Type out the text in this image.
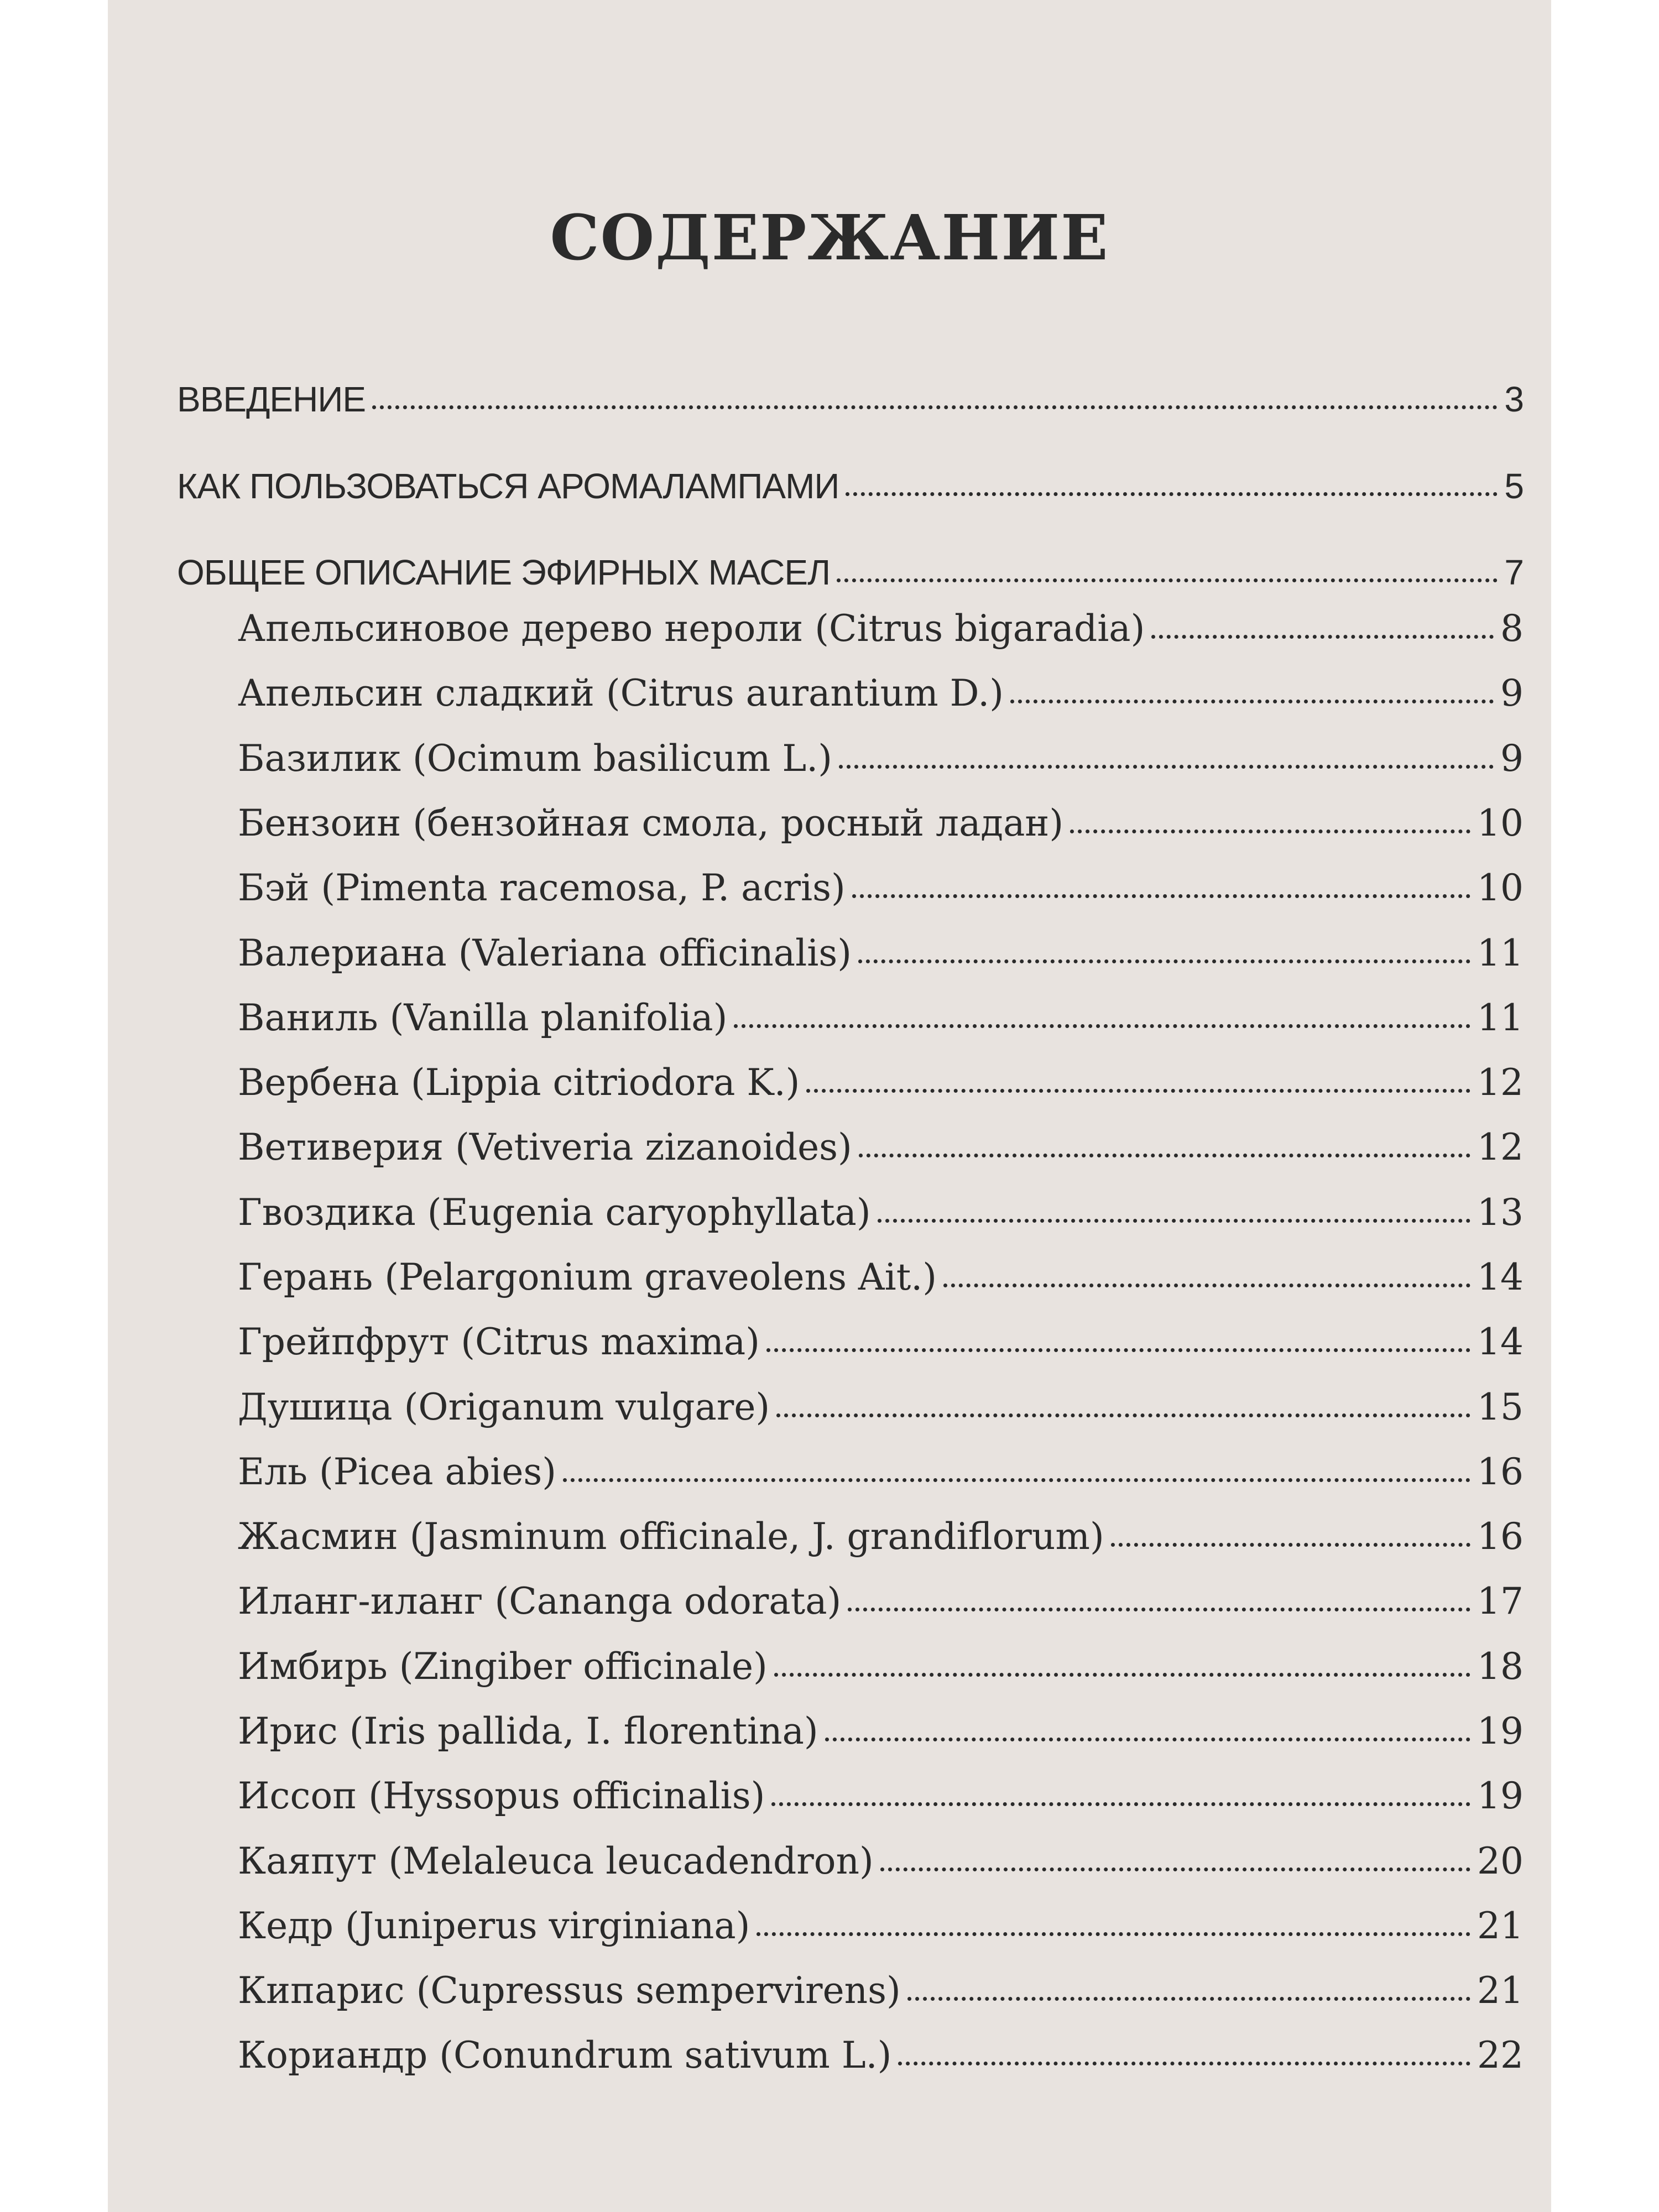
СОДЕРЖАНИЕ
ВВЕДЕНИЕ	3
КАК ПОЛЬЗОВАТЬСЯ АРОМАЛАМПАМИ	5
ОБЩЕЕ ОПИСАНИЕ ЭФИРНЫХ МАСЕЛ	7
Апельсиновое дерево нероли (Citrus bigaradia)	8
Апельсин сладкий (Citrus aurantium D.)	9
Базилик (Ocimum basilicum L.)	9
Бензоин (бензойная смола, росный ладан)	10
Бэй (Pimenta racemosa, P. acris)	10
Валериана (Valeriana officinalis)	11
Ваниль (Vanilla planifolia)	11
Вербена (Lippia citriodora K.)	12
Ветиверия (Vetiveria zizanoides)	12
Гвоздика (Eugenia caryophyllata)	13
Герань (Pelargonium graveolens Ait.)	14
Грейпфрут (Citrus maxima)	14
Душица (Origanum vulgare)	15
Ель (Picea abies)	16
Жасмин (Jasminum officinale, J. grandiflorum)	16
Иланг-иланг (Cananga odorata)	17
Имбирь (Zingiber officinale)	18
Ирис (Iris pallida, I. florentina)	19
Иссоп (Hyssopus officinalis)	19
Каяпут (Melaleuca leucadendron)	20
Кедр (Juniperus virginiana)	21
Кипарис (Cupressus sempervirens)	21
Кориандр (Conundrum sativum L.)	22
